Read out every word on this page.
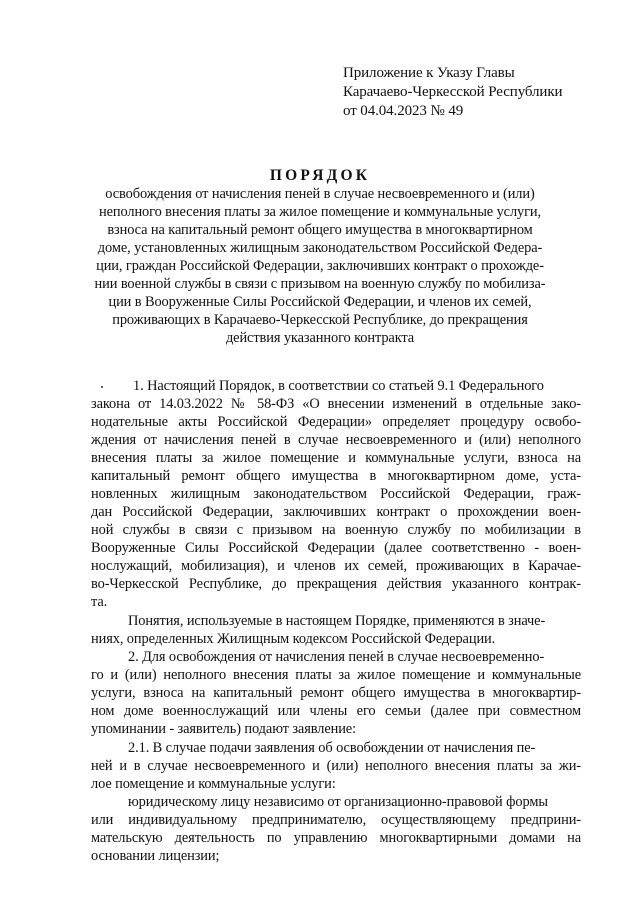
Приложение к Указу Главы
Карачаево-Черкесской Республики
от 04.04.2023 № 49
ПОРЯДОК
освобождения от начисления пеней в случае несвоевременного и (или)
неполного внесения платы за жилое помещение и коммунальные услуги,
взноса на капитальный ремонт общего имущества в многоквартирном
доме, установленных жилищным законодательством Российской Федера-
ции, граждан Российской Федерации, заключивших контракт о прохожде-
нии военной службы в связи с призывом на военную службу по мобилиза-
ции в Вооруженные Силы Российской Федерации, и членов их семей,
проживающих в Карачаево-Черкесской Республике, до прекращения
действия указанного контракта
1. Настоящий Порядок, в соответствии со статьей 9.1 Федерального
закона от 14.03.2022 № 58-ФЗ «О внесении изменений в отдельные зако-
нодательные акты Российской Федерации» определяет процедуру освобо-
ждения от начисления пеней в случае несвоевременного и (или) неполного
внесения платы за жилое помещение и коммунальные услуги, взноса на
капитальный ремонт общего имущества в многоквартирном доме, уста-
новленных жилищным законодательством Российской Федерации, граж-
дан Российской Федерации, заключивших контракт о прохождении воен-
ной службы в связи с призывом на военную службу по мобилизации в
Вооруженные Силы Российской Федерации (далее соответственно - воен-
нослужащий, мобилизация), и членов их семей, проживающих в Карачае-
во-Черкесской Республике, до прекращения действия указанного контрак-
та.
Понятия, используемые в настоящем Порядке, применяются в значе-
ниях, определенных Жилищным кодексом Российской Федерации.
2. Для освобождения от начисления пеней в случае несвоевременно-
го и (или) неполного внесения платы за жилое помещение и коммунальные
услуги, взноса на капитальный ремонт общего имущества в многоквартир-
ном доме военнослужащий или члены его семьи (далее при совместном
упоминании - заявитель) подают заявление:
2.1. В случае подачи заявления об освобождении от начисления пе-
ней и в случае несвоевременного и (или) неполного внесения платы за жи-
лое помещение и коммунальные услуги:
юридическому лицу независимо от организационно-правовой формы
или индивидуальному предпринимателю, осуществляющему предприни-
мательскую деятельность по управлению многоквартирными домами на
основании лицензии;
